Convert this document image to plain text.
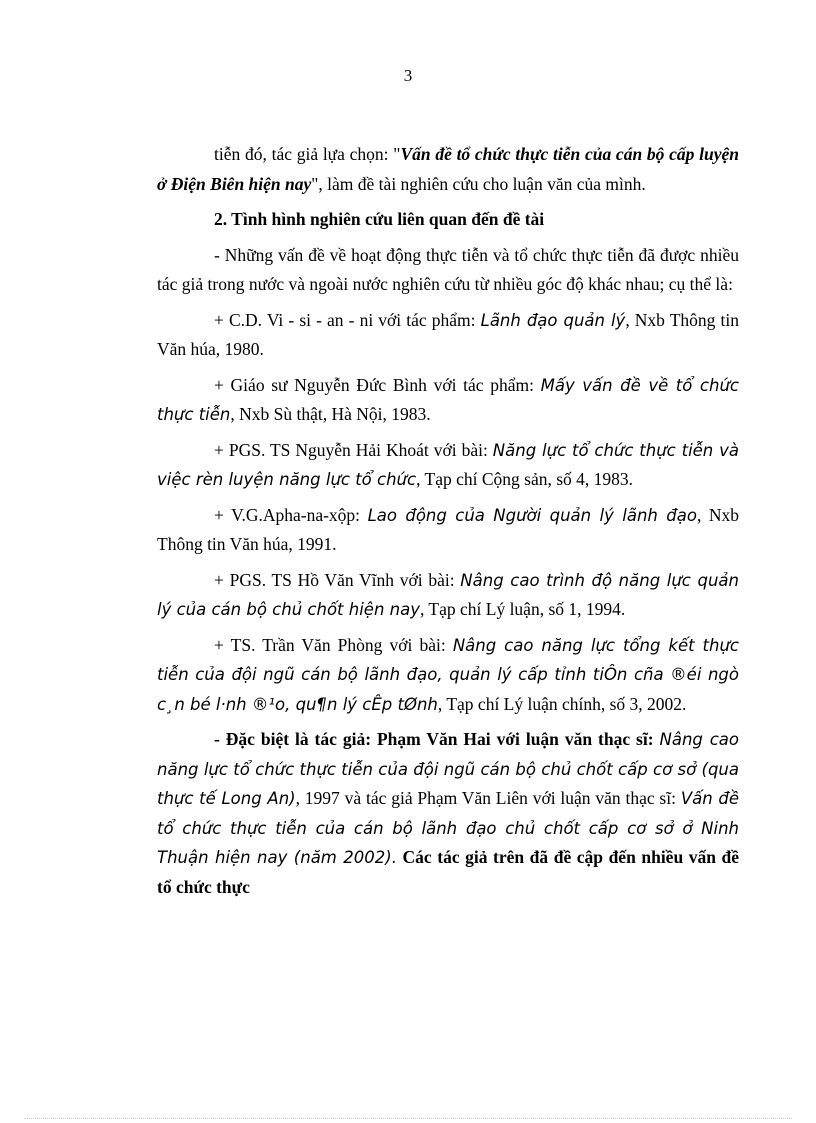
3

tiễn đó, tác giả lựa chọn: "Vấn đề tổ chức thực tiễn của cán bộ cấp luyện ở Điện Biên hiện nay", làm đề tài nghiên cứu cho luận văn của mình.

2. Tình hình nghiên cứu liên quan đến đề tài

- Những vấn đề về hoạt động thực tiễn và tổ chức thực tiễn đã được nhiều tác giả trong nước và ngoài nước nghiên cứu từ nhiều góc độ khác nhau; cụ thể là:

+ C.D. Vi - si - an - ni với tác phẩm: Lãnh đạo quản lý, Nxb Thông tin Văn húa, 1980.

+ Giáo sư Nguyễn Đức Bình với tác phẩm: Mấy vấn đề về tổ chức thực tiễn, Nxb Sù thật, Hà Nội, 1983.

+ PGS. TS Nguyễn Hải Khoát với bài: Năng lực tổ chức thực tiễn và việc rèn luyện năng lực tổ chức, Tạp chí Cộng sản, số 4, 1983.

+ V.G.Apha-na-xộp: Lao động của Người quản lý lãnh đạo, Nxb Thông tin Văn húa, 1991.

+ PGS. TS Hồ Văn Vĩnh với bài: Nâng cao trình độ năng lực quản lý của cán bộ chủ chốt hiện nay, Tạp chí Lý luận, số 1, 1994.

+ TS. Trần Văn Phòng với bài: Nâng cao năng lực tổng kết thực tiễn của đội ngũ cán bộ lãnh đạo, quản lý cấp tỉnh tiÔn cña ®éi ngò c¸n bé l·nh ®¹o, qu¶n lý cÊp tØnh, Tạp chí Lý luận chính, số 3, 2002.

- Đặc biệt là tác giả: Phạm Văn Hai với luận văn thạc sĩ: Nâng cao năng lực tổ chức thực tiễn của đội ngũ cán bộ chủ chốt cấp cơ sở (qua thực tế Long An), 1997 và tác giả Phạm Văn Liên với luận văn thạc sĩ: Vấn đề tổ chức thực tiễn của cán bộ lãnh đạo chủ chốt cấp cơ sở ở Ninh Thuận hiện nay (năm 2002). Các tác giả trên đã đề cập đến nhiều vấn đề tổ chức thực
